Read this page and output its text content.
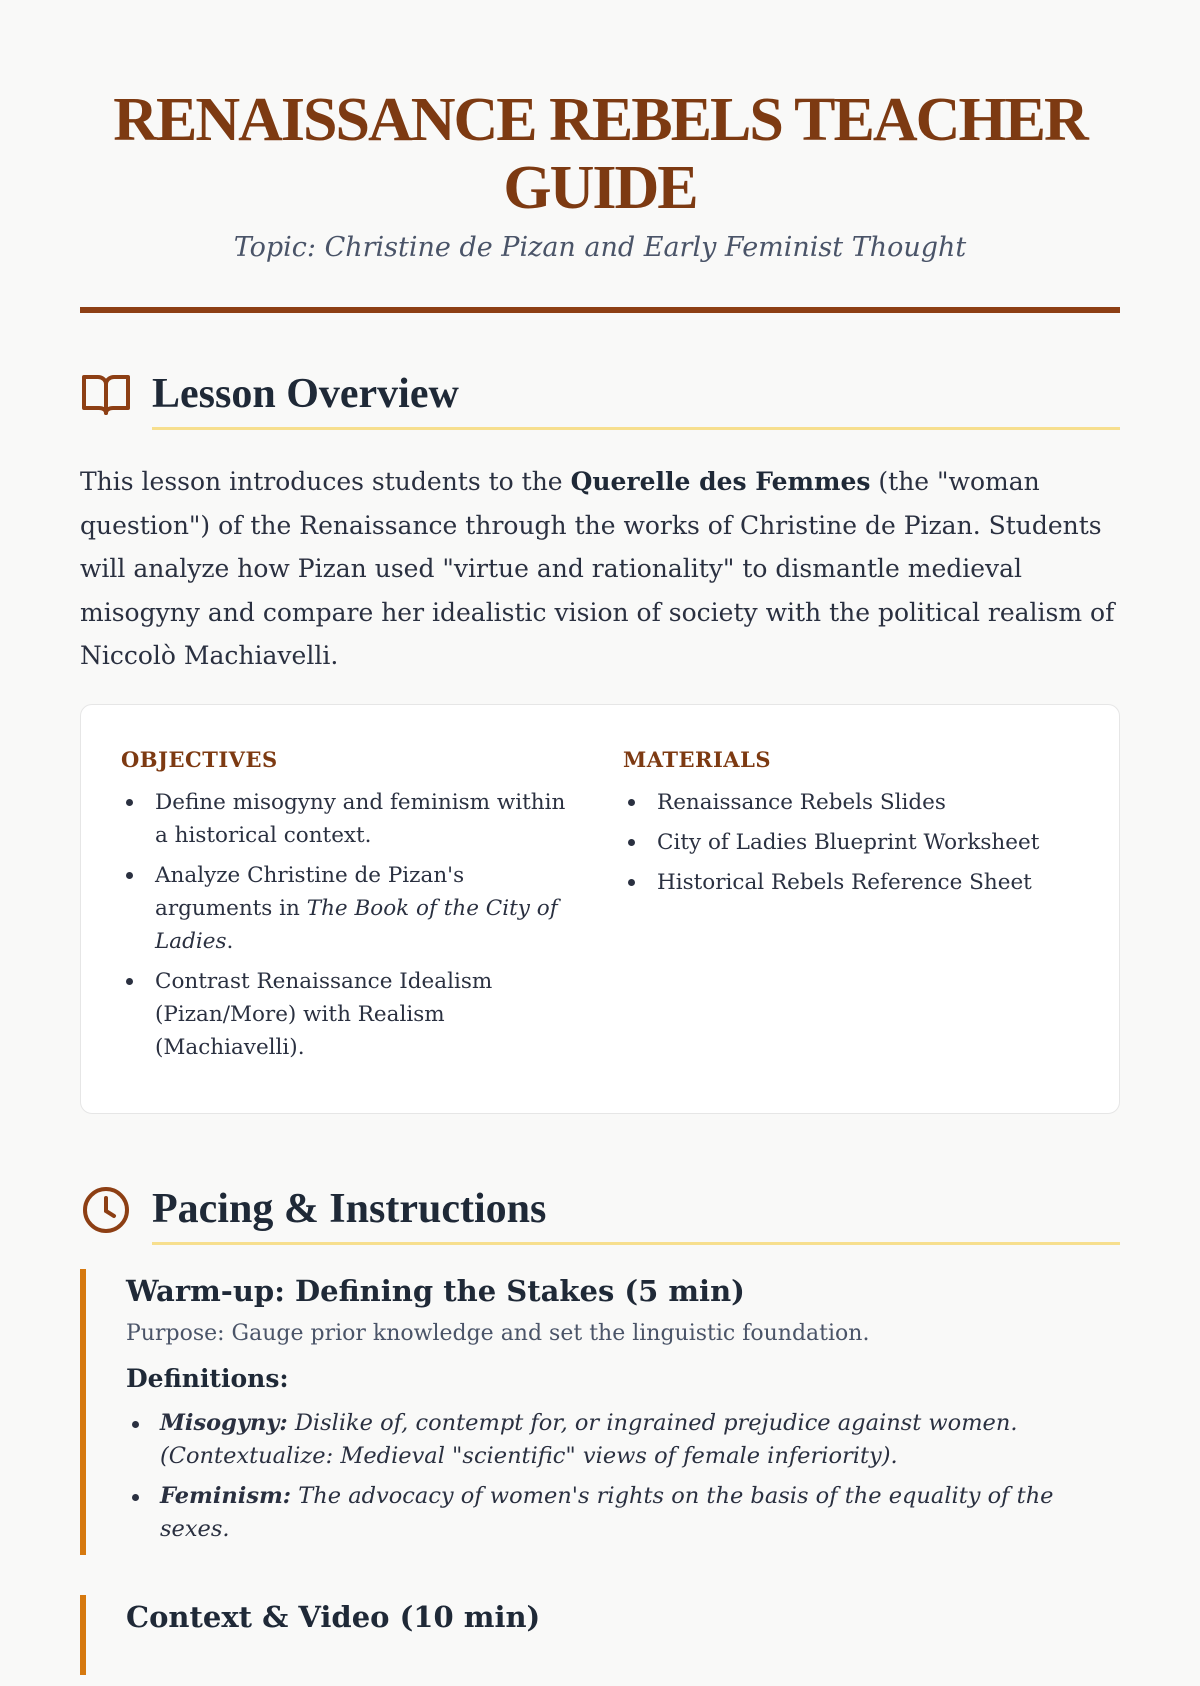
RENAISSANCE REBELS TEACHER GUIDE
Topic: Christine de Pizan and Early Feminist Thought
Lesson Overview

This lesson introduces students to the Querelle des Femmes (the "woman question") of the Renaissance through the works of Christine de Pizan. Students will analyze how Pizan used "virtue and rationality" to dismantle medieval misogyny and compare her idealistic vision of society with the political realism of Niccolò Machiavelli.

OBJECTIVES
Define misogyny and feminism within a historical context.
Analyze Christine de Pizan's arguments in The Book of the City of Ladies.
Contrast Renaissance Idealism (Pizan/More) with Realism (Machiavelli).
MATERIALS
Renaissance Rebels Slides
City of Ladies Blueprint Worksheet
Historical Rebels Reference Sheet
Pacing & Instructions
Warm-up: Defining the Stakes (5 min)
Purpose: Gauge prior knowledge and set the linguistic foundation.
Definitions:
Misogyny: Dislike of, contempt for, or ingrained prejudice against women. (Contextualize: Medieval "scientific" views of female inferiority).
Feminism: The advocacy of women's rights on the basis of the equality of the sexes.
Context & Video (10 min)
